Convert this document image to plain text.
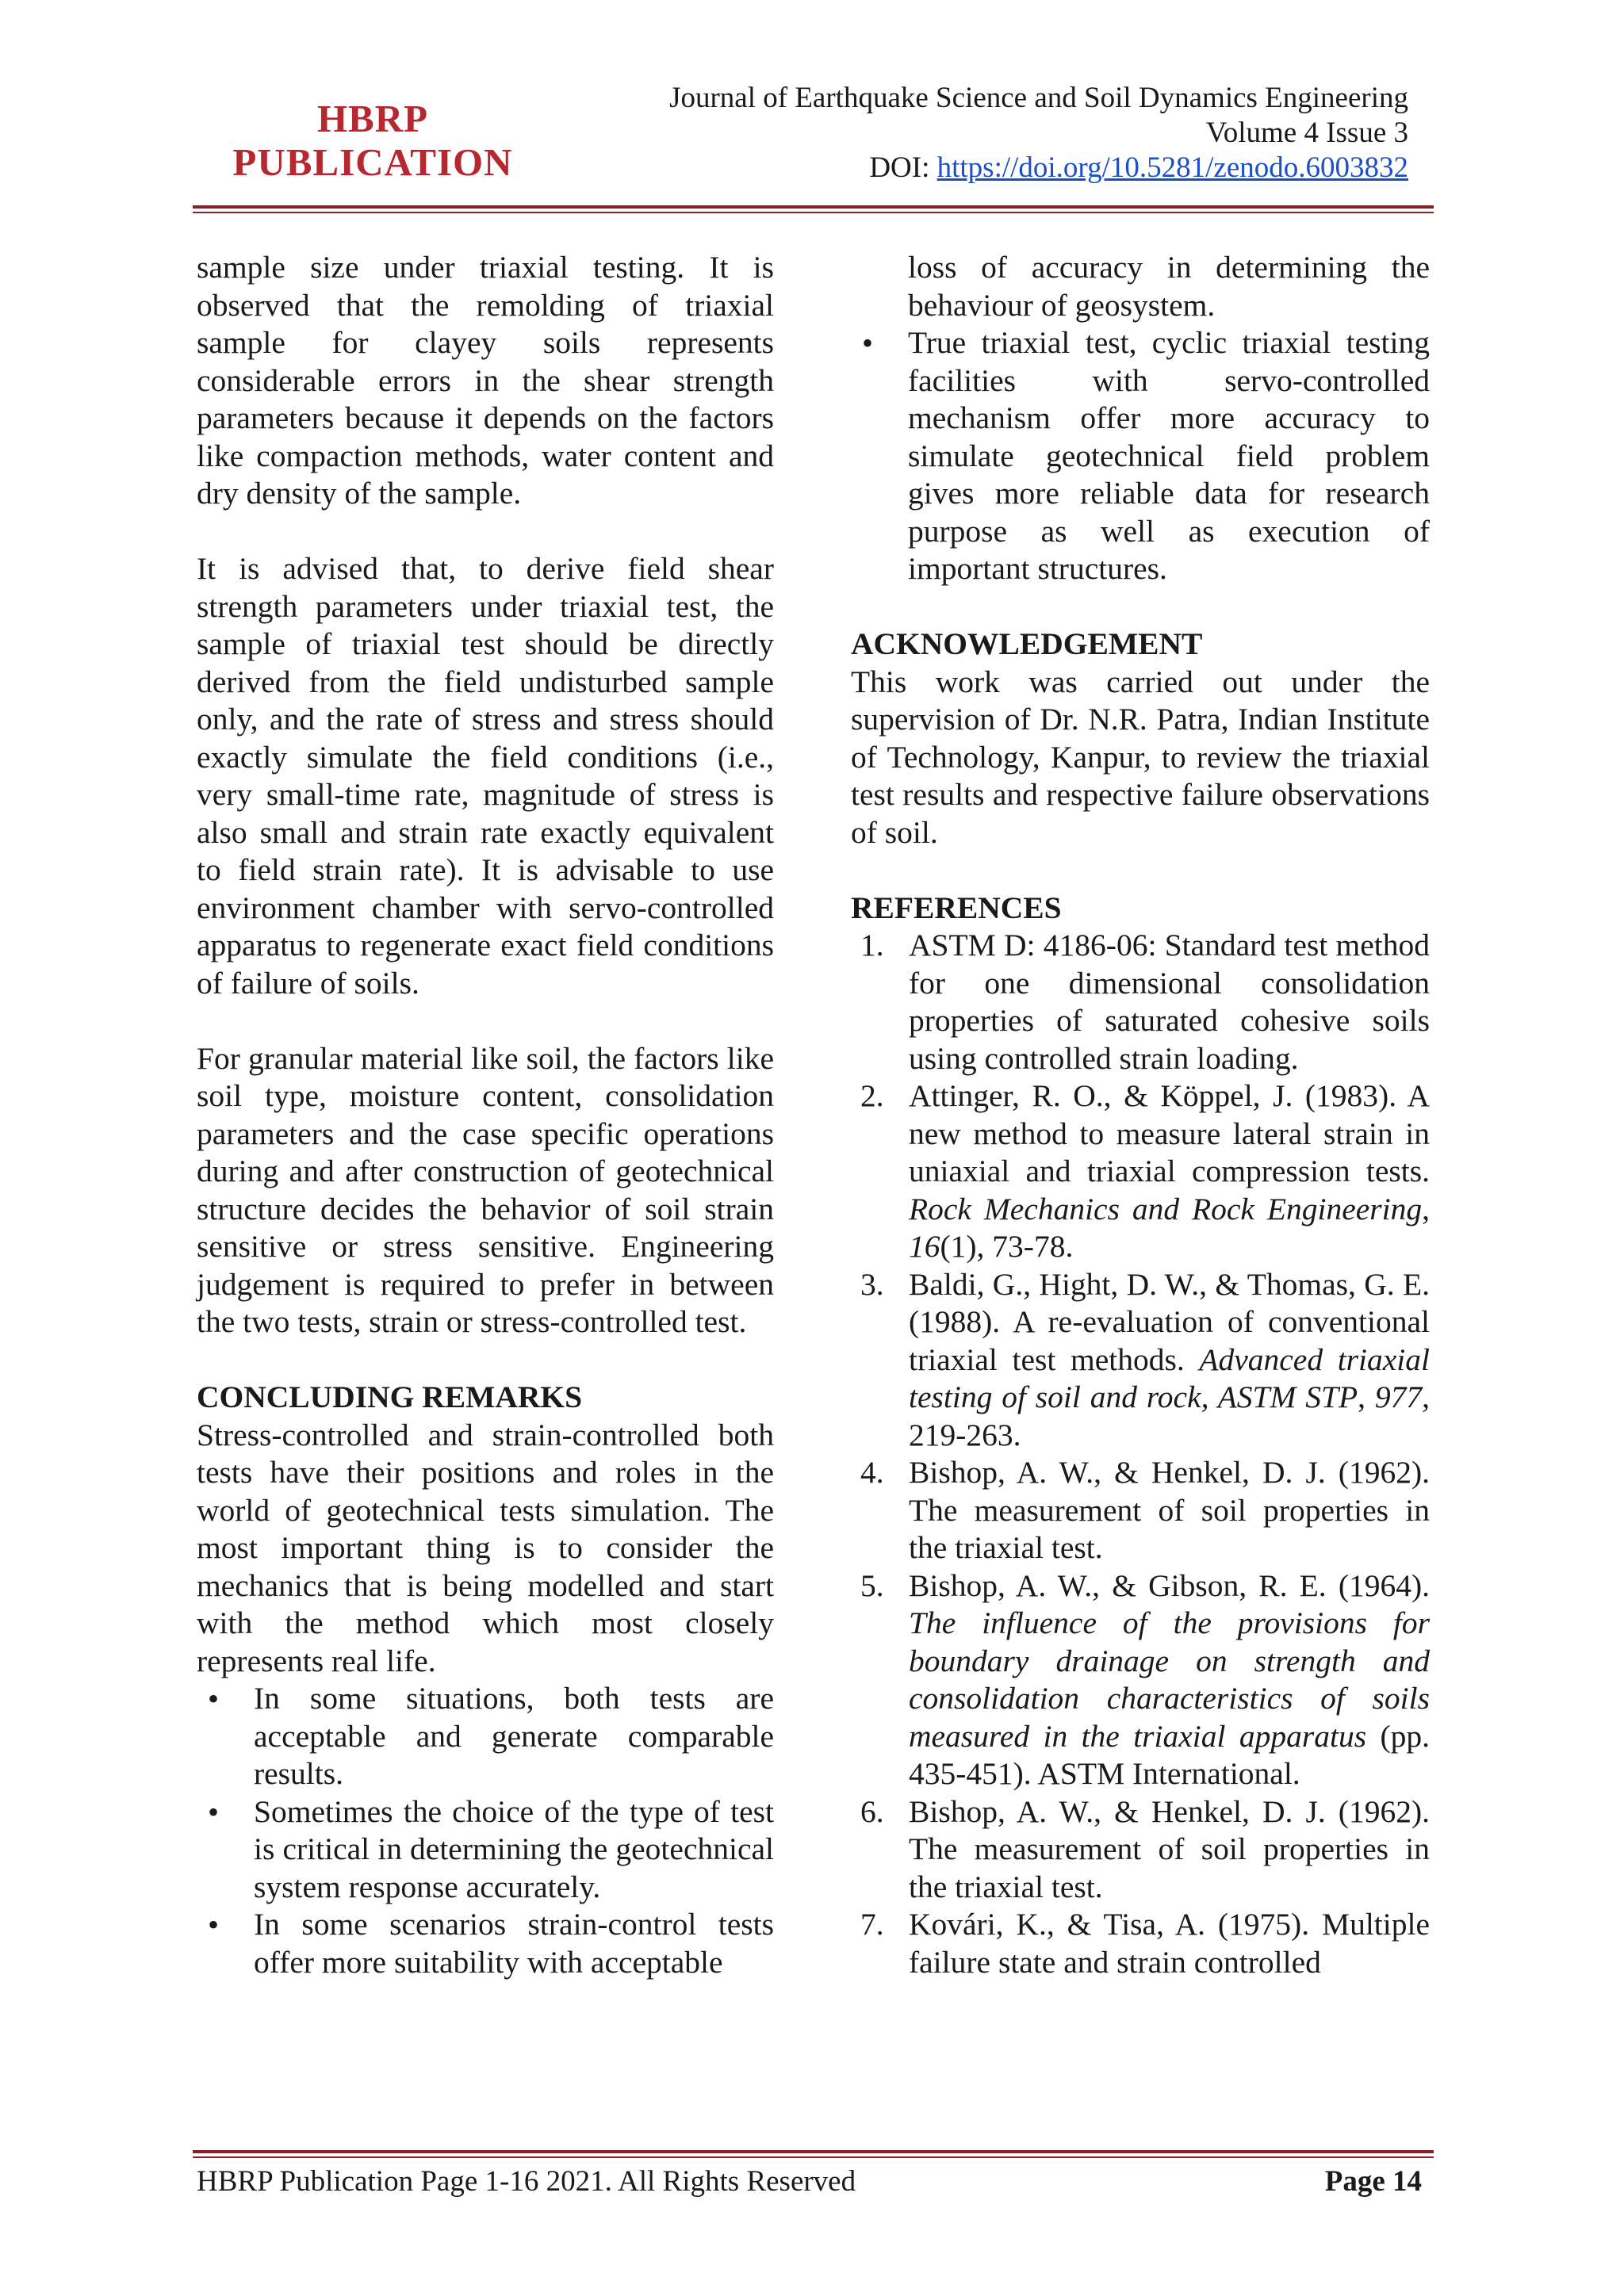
HBRP
PUBLICATION
Journal of Earthquake Science and Soil Dynamics Engineering
Volume 4 Issue 3
DOI: https://doi.org/10.5281/zenodo.6003832

sample size under triaxial testing. It is observed that the remolding of triaxial sample for clayey soils represents considerable errors in the shear strength parameters because it depends on the factors like compaction methods, water content and dry density of the sample.

It is advised that, to derive field shear strength parameters under triaxial test, the sample of triaxial test should be directly derived from the field undisturbed sample only, and the rate of stress and stress should exactly simulate the field conditions (i.e., very small-time rate, magnitude of stress is also small and strain rate exactly equivalent to field strain rate). It is advisable to use environment chamber with servo-controlled apparatus to regenerate exact field conditions of failure of soils.

For granular material like soil, the factors like soil type, moisture content, consolidation parameters and the case specific operations during and after construction of geotechnical structure decides the behavior of soil strain sensitive or stress sensitive. Engineering judgement is required to prefer in between the two tests, strain or stress-controlled test.

CONCLUDING REMARKS

Stress-controlled and strain-controlled both tests have their positions and roles in the world of geotechnical tests simulation. The most important thing is to consider the mechanics that is being modelled and start with the method which most closely represents real life.

• In some situations, both tests are acceptable and generate comparable results.
• Sometimes the choice of the type of test is critical in determining the geotechnical system response accurately.
• In some scenarios strain-control tests offer more suitability with acceptable
loss of accuracy in determining the behaviour of geosystem.
• True triaxial test, cyclic triaxial testing facilities with servo-controlled mechanism offer more accuracy to simulate geotechnical field problem gives more reliable data for research purpose as well as execution of important structures.
ACKNOWLEDGEMENT

This work was carried out under the supervision of Dr. N.R. Patra, Indian Institute of Technology, Kanpur, to review the triaxial test results and respective failure observations of soil.

REFERENCES
1. ASTM D: 4186-06: Standard test method for one dimensional consolidation properties of saturated cohesive soils using controlled strain loading.
2. Attinger, R. O., & Köppel, J. (1983). A new method to measure lateral strain in uniaxial and triaxial compression tests. Rock Mechanics and Rock Engineering, 16(1), 73-78.
3. Baldi, G., Hight, D. W., & Thomas, G. E. (1988). A re-evaluation of conventional triaxial test methods. Advanced triaxial testing of soil and rock, ASTM STP, 977, 219-263.
4. Bishop, A. W., & Henkel, D. J. (1962). The measurement of soil properties in the triaxial test.
5. Bishop, A. W., & Gibson, R. E. (1964). The influence of the provisions for boundary drainage on strength and consolidation characteristics of soils measured in the triaxial apparatus (pp. 435-451). ASTM International.
6. Bishop, A. W., & Henkel, D. J. (1962). The measurement of soil properties in the triaxial test.
7. Kovári, K., & Tisa, A. (1975). Multiple failure state and strain controlled
HBRP Publication Page 1-16 2021. All Rights Reserved	Page 14
